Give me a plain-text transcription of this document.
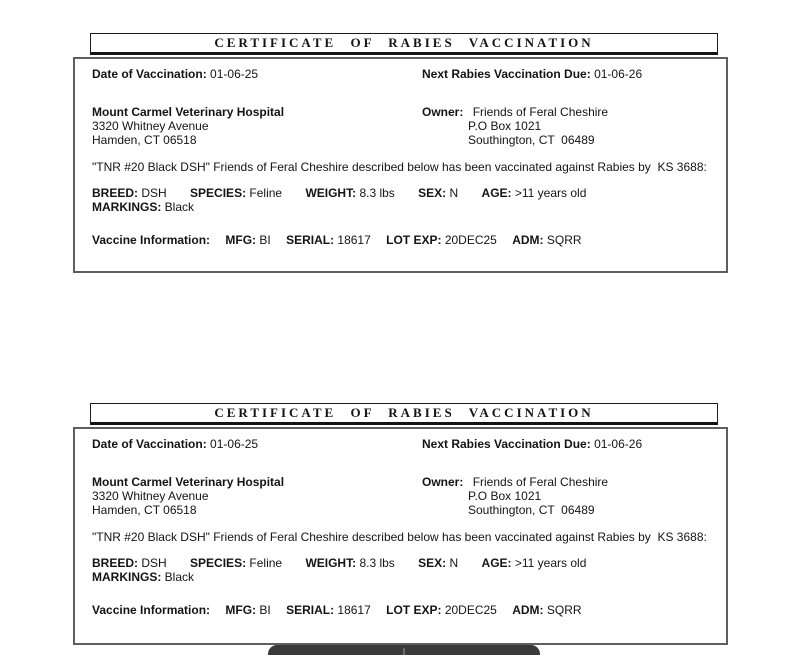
CERTIFICATE OF RABIES VACCINATION
Date of Vaccination: 01-06-25	Next Rabies Vaccination Due: 01-06-26
Mount Carmel Veterinary Hospital
3320 Whitney Avenue
Hamden, CT 06518
Owner: Friends of Feral Cheshire
P.O Box 1021
Southington, CT  06489
"TNR #20 Black DSH" Friends of Feral Cheshire described below has been vaccinated against Rabies by  KS 3688:
BREED: DSH SPECIES: Feline WEIGHT: 8.3 lbs SEX: N AGE: >11 years old
MARKINGS: Black
Vaccine Information: MFG: BI SERIAL: 18617 LOT EXP: 20DEC25 ADM: SQRR
CERTIFICATE OF RABIES VACCINATION
Date of Vaccination: 01-06-25	Next Rabies Vaccination Due: 01-06-26
Mount Carmel Veterinary Hospital
3320 Whitney Avenue
Hamden, CT 06518
Owner: Friends of Feral Cheshire
P.O Box 1021
Southington, CT  06489
"TNR #20 Black DSH" Friends of Feral Cheshire described below has been vaccinated against Rabies by  KS 3688:
BREED: DSH SPECIES: Feline WEIGHT: 8.3 lbs SEX: N AGE: >11 years old
MARKINGS: Black
Vaccine Information: MFG: BI SERIAL: 18617 LOT EXP: 20DEC25 ADM: SQRR
